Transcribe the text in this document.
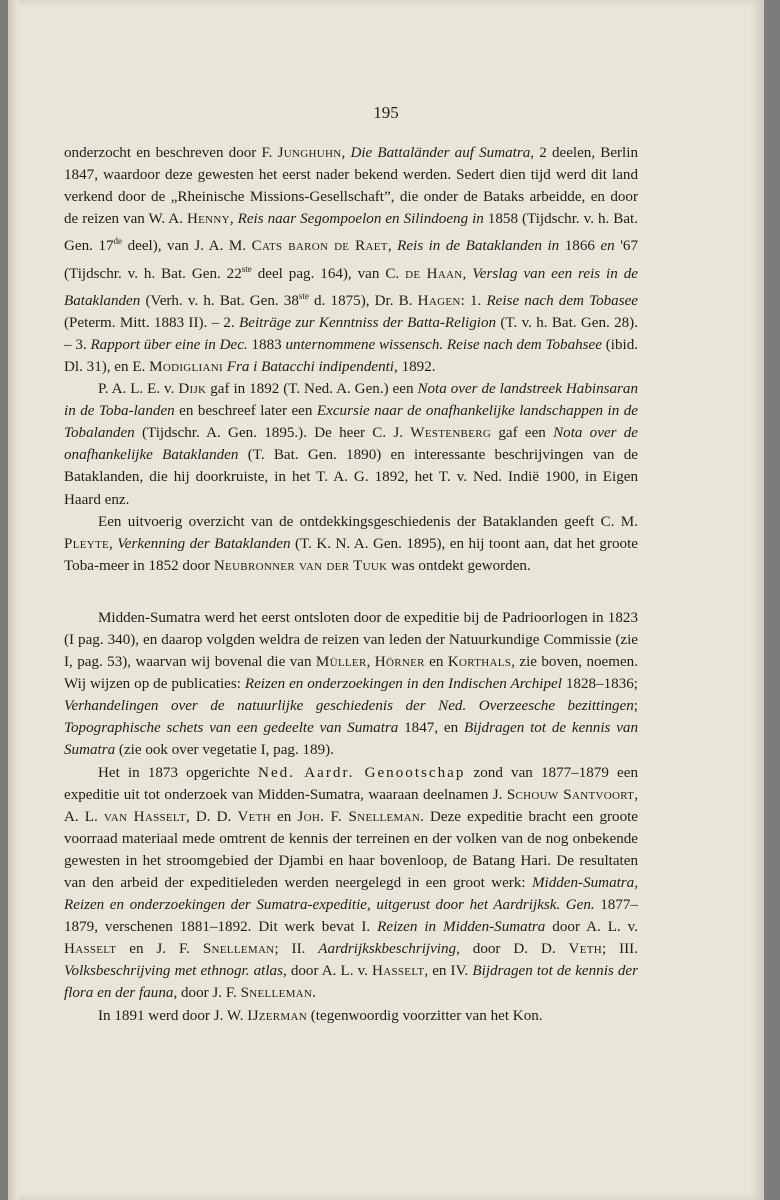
195

onderzocht en beschreven door F. Junghuhn, Die Battaländer auf Sumatra, 2 deelen, Berlin 1847, waardoor deze gewesten het eerst nader bekend werden. Sedert dien tijd werd dit land verkend door de „Rheinische Missions-Gesellschaft”, die onder de Bataks arbeidde, en door de reizen van W. A. Henny, Reis naar Segompoelon en Silindoeng in 1858 (Tijdschr. v. h. Bat. Gen. 17de deel), van J. A. M. Cats baron de Raet, Reis in de Bataklanden in 1866 en '67 (Tijdschr. v. h. Bat. Gen. 22ste deel pag. 164), van C. de Haan, Verslag van een reis in de Bataklanden (Verh. v. h. Bat. Gen. 38ste d. 1875), Dr. B. Hagen: 1. Reise nach dem Tobasee (Peterm. Mitt. 1883 II). – 2. Beiträge zur Kenntniss der Batta-Religion (T. v. h. Bat. Gen. 28). – 3. Rapport über eine in Dec. 1883 unternommene wissensch. Reise nach dem Tobahsee (ibid. Dl. 31), en E. Modigliani Fra i Batacchi indipendenti, 1892.

P. A. L. E. v. Dijk gaf in 1892 (T. Ned. A. Gen.) een Nota over de landstreek Habinsaran in de Toba-landen en beschreef later een Excursie naar de onafhankelijke landschappen in de Tobalanden (Tijdschr. A. Gen. 1895.). De heer C. J. Westenberg gaf een Nota over de onafhankelijke Bataklanden (T. Bat. Gen. 1890) en interessante beschrijvingen van de Bataklanden, die hij doorkruiste, in het T. A. G. 1892, het T. v. Ned. Indië 1900, in Eigen Haard enz.

Een uitvoerig overzicht van de ontdekkingsgeschiedenis der Bataklanden geeft C. M. Pleyte, Verkenning der Bataklanden (T. K. N. A. Gen. 1895), en hij toont aan, dat het groote Toba-meer in 1852 door Neubronner van der Tuuk was ontdekt geworden.

Midden-Sumatra werd het eerst ontsloten door de expeditie bij de Padrioorlogen in 1823 (I pag. 340), en daarop volgden weldra de reizen van leden der Natuurkundige Commissie (zie I, pag. 53), waarvan wij bovenal die van Müller, Hörner en Korthals, zie boven, noemen. Wij wijzen op de publicaties: Reizen en onderzoekingen in den Indischen Archipel 1828–1836; Verhandelingen over de natuurlijke geschiedenis der Ned. Overzeesche bezittingen; Topographische schets van een gedeelte van Sumatra 1847, en Bijdragen tot de kennis van Sumatra (zie ook over vegetatie I, pag. 189).

Het in 1873 opgerichte Ned. Aardr. Genootschap zond van 1877–1879 een expeditie uit tot onderzoek van Midden-Sumatra, waaraan deelnamen J. Schouw Santvoort, A. L. van Hasselt, D. D. Veth en Joh. F. Snelleman. Deze expeditie bracht een groote voorraad materiaal mede omtrent de kennis der terreinen en der volken van de nog onbekende gewesten in het stroomgebied der Djambi en haar bovenloop, de Batang Hari. De resultaten van den arbeid der expeditieleden werden neergelegd in een groot werk: Midden-Sumatra, Reizen en onderzoekingen der Sumatra-expeditie, uitgerust door het Aardrijksk. Gen. 1877–1879, verschenen 1881–1892. Dit werk bevat I. Reizen in Midden-Sumatra door A. L. v. Hasselt en J. F. Snelleman; II. Aardrijkskbeschrijving, door D. D. Veth; III. Volksbeschrijving met ethnogr. atlas, door A. L. v. Hasselt, en IV. Bijdragen tot de kennis der flora en der fauna, door J. F. Snelleman.

In 1891 werd door J. W. IJzerman (tegenwoordig voorzitter van het Kon.
